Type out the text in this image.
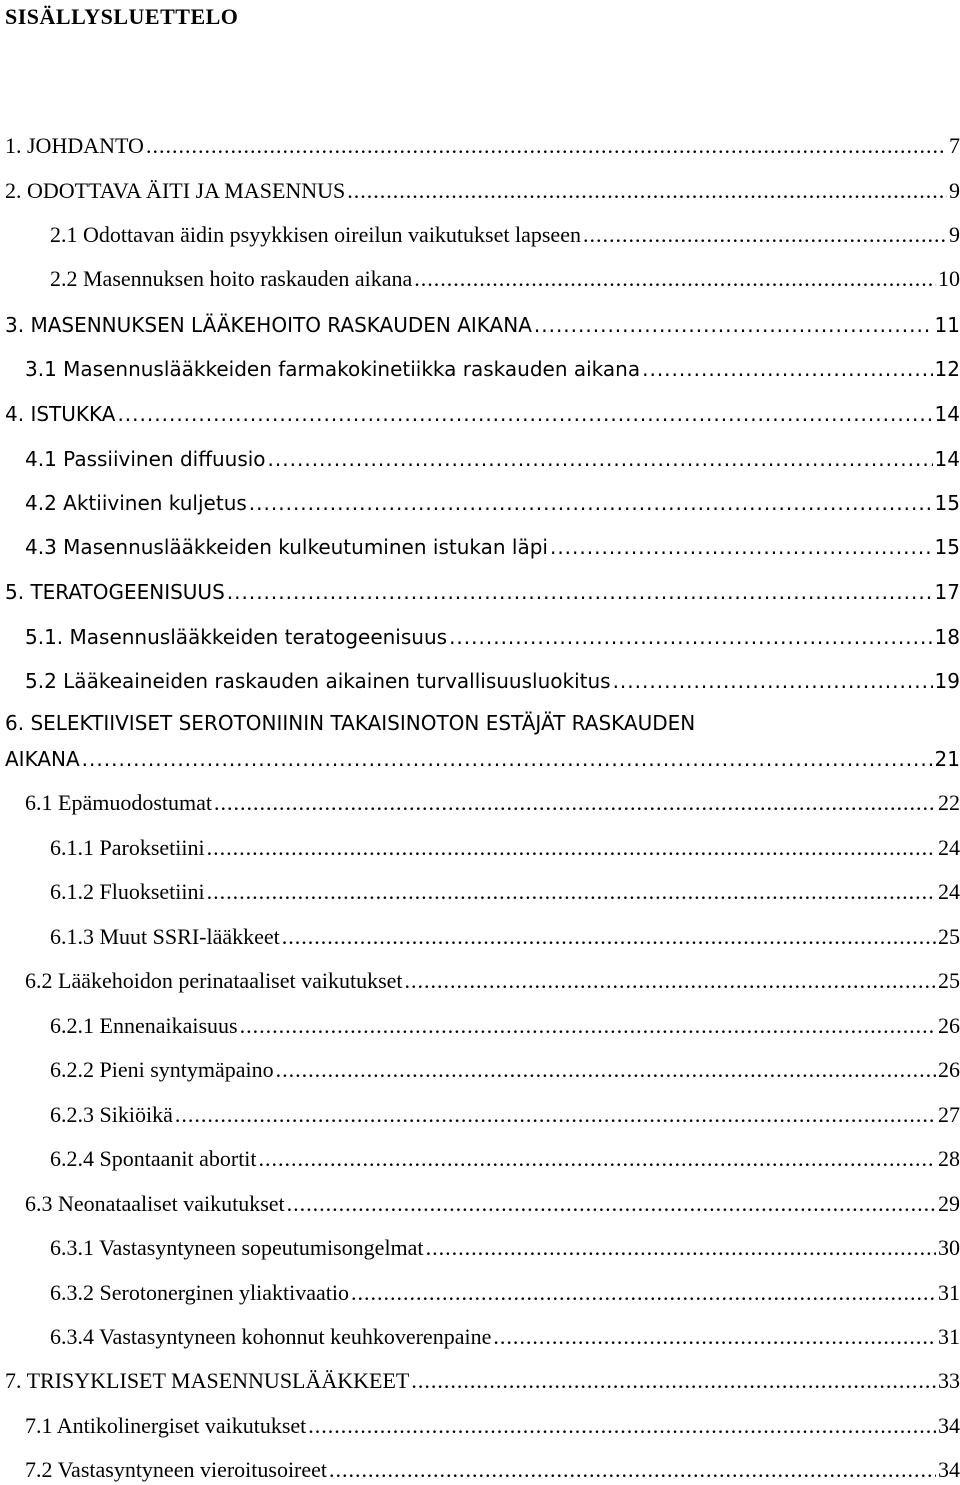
SISÄLLYSLUETTELO
1. JOHDANTO .....	7
2. ODOTTAVA ÄITI JA MASENNUS .....	9
2.1 Odottavan äidin psyykkisen oireilun vaikutukset lapseen .....	9
2.2 Masennuksen hoito raskauden aikana .....	10
3. MASENNUKSEN LÄÄKEHOITO RASKAUDEN AIKANA .....	11
3.1 Masennuslääkkeiden farmakokinetiikka raskauden aikana .....	12
4. ISTUKKA .....	14
4.1 Passiivinen diffuusio .....	14
4.2 Aktiivinen kuljetus .....	15
4.3 Masennuslääkkeiden kulkeutuminen istukan läpi .....	15
5. TERATOGEENISUUS .....	17
5.1. Masennuslääkkeiden teratogeenisuus .....	18
5.2 Lääkeaineiden raskauden aikainen turvallisuusluokitus .....	19
6. SELEKTIIVISET SEROTONIININ TAKAISINOTON ESTÄJÄT RASKAUDEN
AIKANA .....	21
6.1 Epämuodostumat .....	22
6.1.1 Paroksetiini .....	24
6.1.2 Fluoksetiini .....	24
6.1.3 Muut SSRI-lääkkeet .....	25
6.2 Lääkehoidon perinataaliset vaikutukset .....	25
6.2.1 Ennenaikaisuus .....	26
6.2.2 Pieni syntymäpaino .....	26
6.2.3 Sikiöikä .....	27
6.2.4 Spontaanit abortit .....	28
6.3 Neonataaliset vaikutukset .....	29
6.3.1 Vastasyntyneen sopeutumisongelmat .....	30
6.3.2 Serotonerginen yliaktivaatio .....	31
6.3.4 Vastasyntyneen kohonnut keuhkoverenpaine .....	31
7. TRISYKLISET MASENNUSLÄÄKKEET .....	33
7.1 Antikolinergiset vaikutukset .....	34
7.2 Vastasyntyneen vieroitusoireet .....	34
